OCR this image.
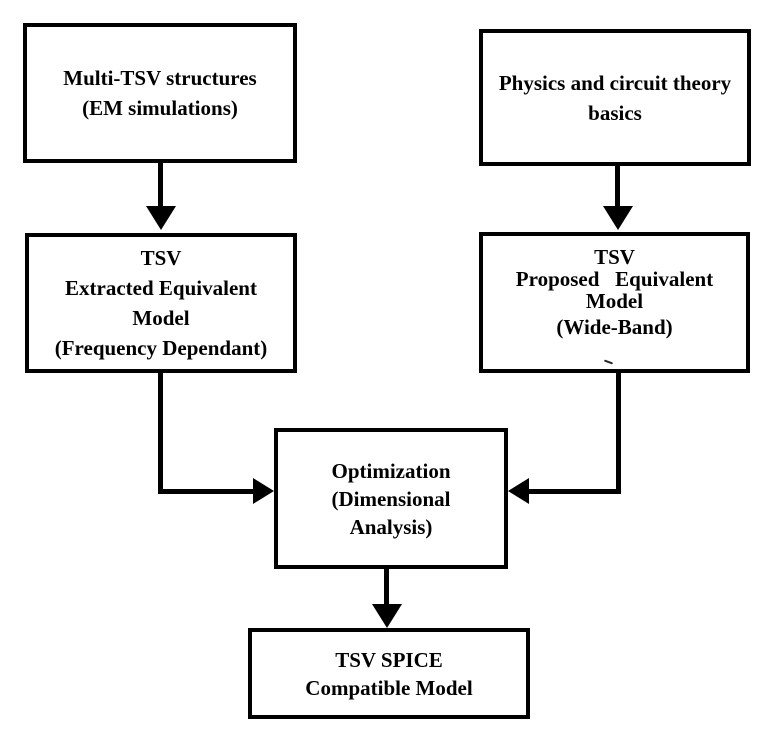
Multi-TSV structures
(EM simulations)
Physics and circuit theory
basics
TSV
Extracted Equivalent
Model
(Frequency Dependant)
TSV
Proposed   Equivalent
Model
(Wide-Band)
Optimization
(Dimensional
Analysis)
TSV SPICE
Compatible Model
